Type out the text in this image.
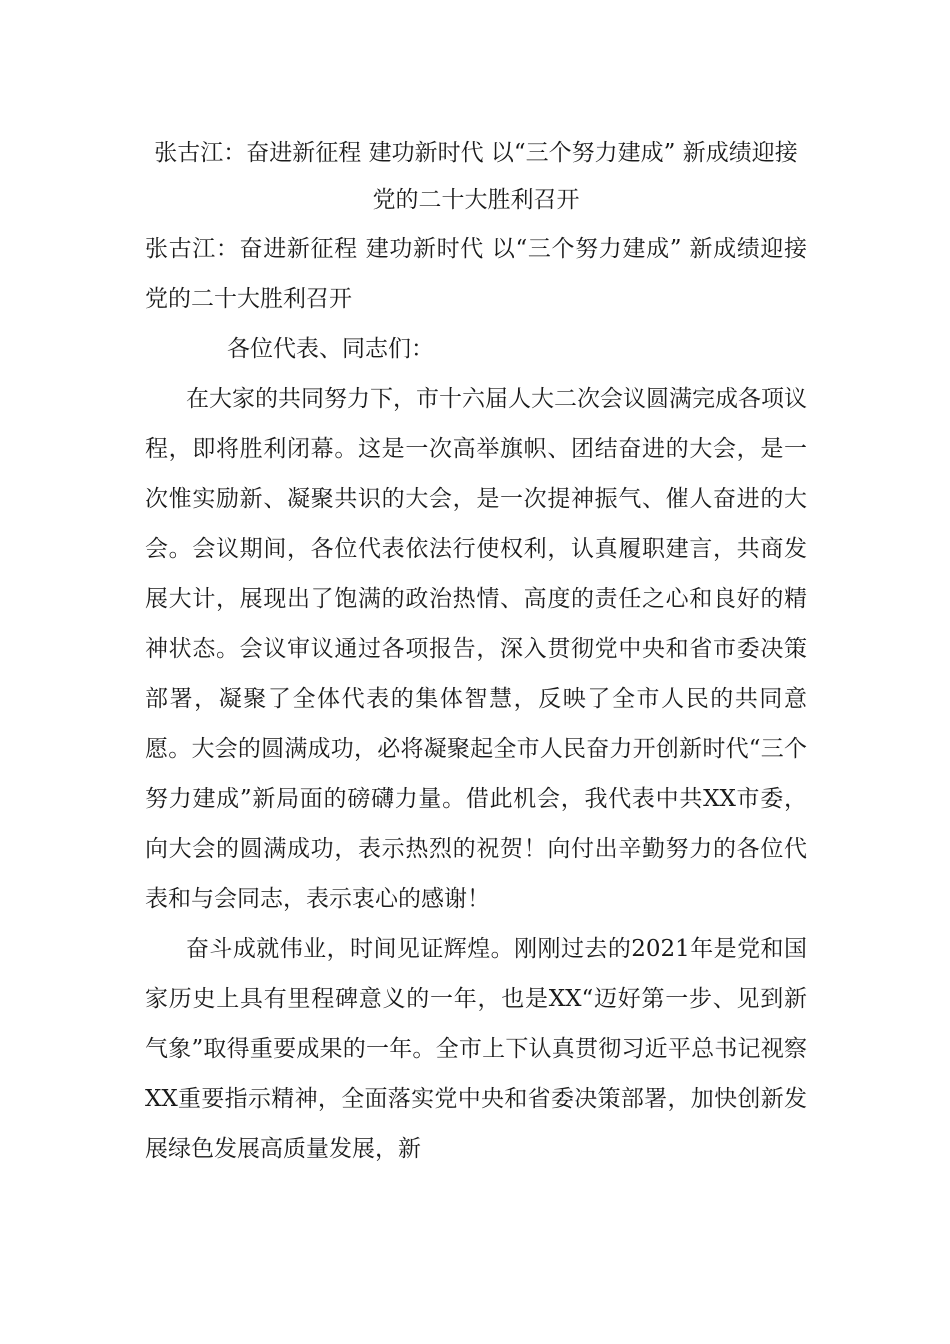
张古江：奋进新征程 建功新时代 以“三个努力建成” 新成绩迎接党的二十大胜利召开

张古江：奋进新征程 建功新时代 以“三个努力建成” 新成绩迎接党的二十大胜利召开

各位代表、同志们：

在大家的共同努力下，市十六届人大二次会议圆满完成各项议程，即将胜利闭幕。这是一次高举旗帜、团结奋进的大会，是一次惟实励新、凝聚共识的大会，是一次提神振气、催人奋进的大会。会议期间，各位代表依法行使权利，认真履职建言，共商发展大计，展现出了饱满的政治热情、高度的责任之心和良好的精神状态。会议审议通过各项报告，深入贯彻党中央和省市委决策部署，凝聚了全体代表的集体智慧，反映了全市人民的共同意愿。大会的圆满成功，必将凝聚起全市人民奋力开创新时代“三个努力建成”新局面的磅礴力量。借此机会，我代表中共XX市委，向大会的圆满成功，表示热烈的祝贺！向付出辛勤努力的各位代表和与会同志，表示衷心的感谢！

奋斗成就伟业，时间见证辉煌。刚刚过去的2021年是党和国家历史上具有里程碑意义的一年，也是XX“迈好第一步、见到新气象”取得重要成果的一年。全市上下认真贯彻习近平总书记视察XX重要指示精神，全面落实党中央和省委决策部署，加快创新发展绿色发展高质量发展，新
